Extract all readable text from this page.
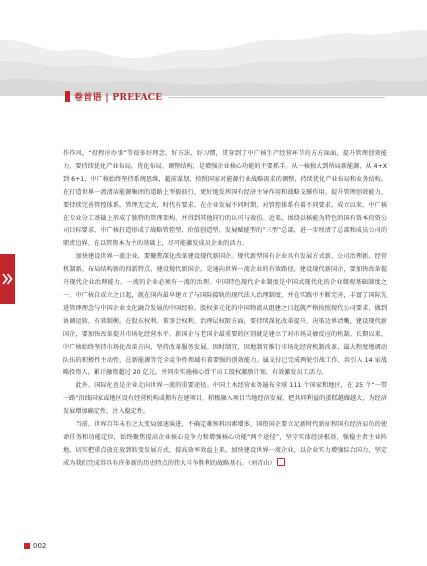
卷首语 | PREFACE

作作风，“投程序办事”等很多好理念、好方法、好习惯，贯穿到了中广核生产经营环节的方方面面，提升管理创效能力，要持续优化产业布局，优化布局、调整结构，是增强企业核心功能的主要抓手。从一核独大到所局新能源，从 4+X 到 6+1，中广核始终坚持系统思维，超前谋划，按照国家对能源行业战略需求的调整，持续优化产业布局和业务结构。在打造世界一流清洁能源集团的道路上坚毅前行，更好地发挥国有经济主导作用和战略支撑作用。提升管理创效能力，要持续完善管控体系。管理无定式，时代有要求。在企业发展不同时期，对管控体系有着不同要求。成立以来，中广核在专业分工基础上形成了独特的管理架构，并得到其他同行的认可与效仿。近来，围绕以核能为特色的国有资本投资公司目标要求，中广核打造形成了战略管控型、价值创造型、发展赋能型的“三型”总部，进一步厘清了总部和成员公司的职责边界。在以管资本为主的基础上，尽可能激发成员企业的活力。

加快建设世界一流企业，要聚焦深化改革建设现代新国企。现代新型国有企业具有发展方式新、公司治理新、经营机制新、布局结构新的四新特点，建设现代新国企，是通向世界一流企业的有效路径，建设现代新国企，要加快改革提升现代企业治理能力。一流的企业必须有一流的治理。中国特色现代企业制度是中国式现代化的企业微观基础制度之一。中广核自成立之日起，就在国内最早建立了与国际接轨的现代法人治理制度，并在实践中不断完善，丰富了国际先进管理理念与中国企业文化融合发展的中国经验。股权多元化的中国物流从组建之日起就严格按照现代公司要求，做到协调运转、有效制衡。在股东权利、董事会权利、治理层权限方面，要持续深化改革提升，决策边界清晰，建设现代新国企，要加快改革提升市场化经营水平。新国企与老国企最重要的区别就是建立了对市场灵敏反应的机制。长期以来，中广核始终坚持市场化改革方向，坚持改革服务发展。因时制宜，因地制宜推行市场化经营机制改革，最大程度地调动队伍的积极性主动性，在新能源等完全竞争性领域有着要强的创效能力。属支付已完成两轮引战工作，共引入 14 家战略投资人，累计融资超过 20 亿元，并同步实施核心骨干员工股权激励计划，有效激发员工活力。

此外，国际化也是企业走向世界一流的重要途径。中国土木经营业务遍布全球 111 个国家和地区，在 25 个“一带一路”沿线国家或地区设有经营机构或拥有在建项目，积极融入项目当地经济发展，把共同利益的蛋糕越做越大，为经济发展增加确定性、注入稳定性。

当前，世界百年未有之大变局加速演进，不确定难预料因素增多，国资国企要立足新时代新征程国有经济肩负的使命任务和功能定位，始终聚焦提高企业核心竞争力和增强核心功能“两个途径”，坚守实体经济根基，强稳主责主业阵地，切实把重点放在放到转变发展方式、提高效率效益上来，加快建设世界一流企业，以企业实力增强综合国力，坚定成为我们完成得具有许多新的历史特点的伟大斗争胜利的战略基石。（刘青山）

002
